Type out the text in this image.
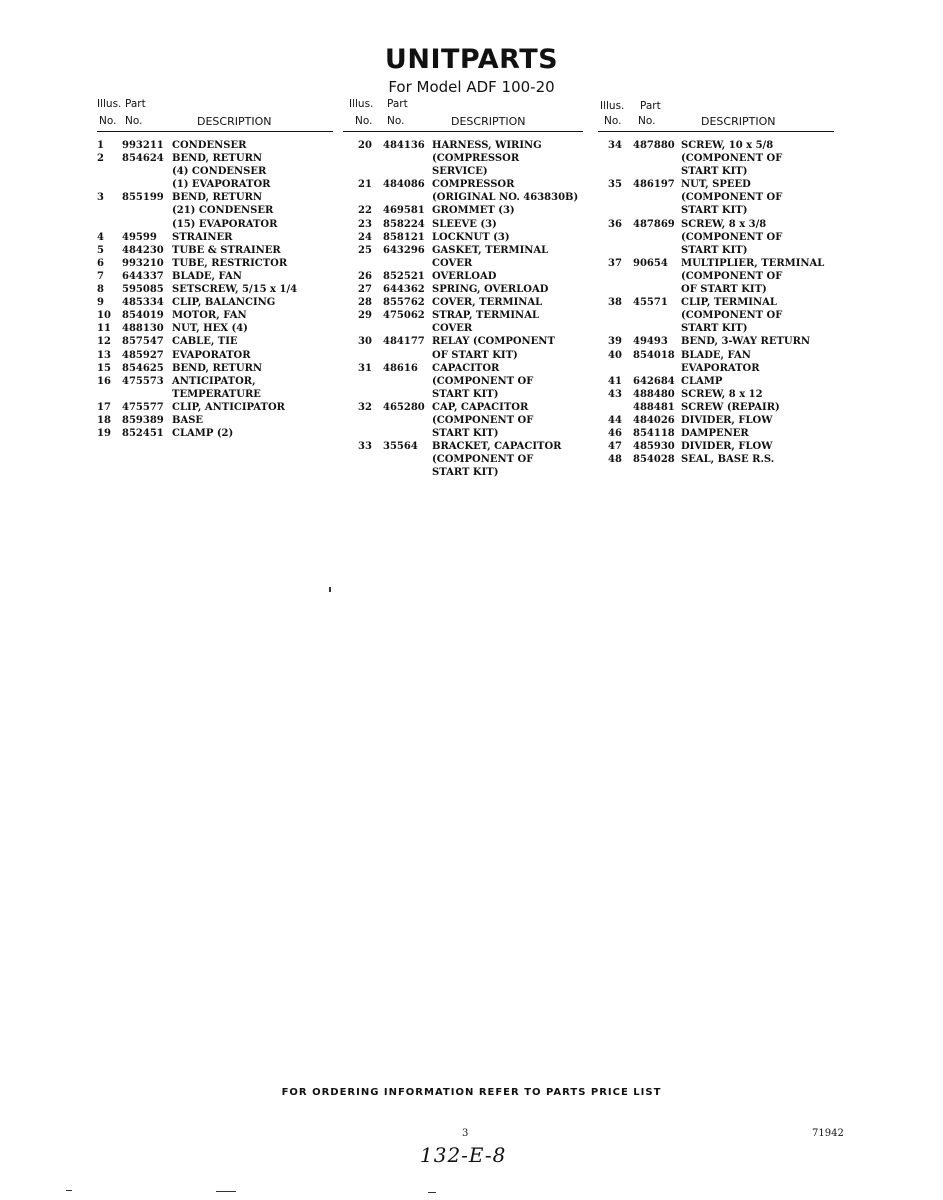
UNITPARTS
For Model ADF 100-20
Illus. Part
No. No.	DESCRIPTION
1	993211 CONDENSER
2	854624 BEND, RETURN
(4) CONDENSER
(1) EVAPORATOR
3	855199 BEND, RETURN
(21) CONDENSER
(15) EVAPORATOR
4	49599 STRAINER
5	484230 TUBE & STRAINER
6	993210 TUBE, RESTRICTOR
7	644337 BLADE, FAN
8	595085 SETSCREW, 5/15 x 1/4
9	485334 CLIP, BALANCING
10 854019 MOTOR, FAN
11 488130 NUT, HEX (4)
12 857547 CABLE, TIE
13 485927 EVAPORATOR
15 854625 BEND, RETURN
16 475573 ANTICIPATOR,
TEMPERATURE
17 475577 CLIP, ANTICIPATOR
18 859389 BASE
19 852451 CLAMP (2)
Illus. Part
No. No.	DESCRIPTION
20 484136 HARNESS, WIRING
(COMPRESSOR
SERVICE)
21 484086 COMPRESSOR
(ORIGINAL NO. 463830B)
22 469581 GROMMET (3)
23 858224 SLEEVE (3)
24 858121 LOCKNUT (3)
25 643296 GASKET, TERMINAL
COVER
26 852521 OVERLOAD
27 644362 SPRING, OVERLOAD
28 855762 COVER, TERMINAL
29 475062 STRAP, TERMINAL
COVER
30 484177 RELAY (COMPONENT
OF START KIT)
31 48616 CAPACITOR
(COMPONENT OF
START KIT)
32 465280 CAP, CAPACITOR
(COMPONENT OF
START KIT)
33 35564 BRACKET, CAPACITOR
(COMPONENT OF
START KIT)
Illus. Part
No. No.	DESCRIPTION
34 487880 SCREW, 10 x 5/8
(COMPONENT OF
START KIT)
35 486197 NUT, SPEED
(COMPONENT OF
START KIT)
36 487869 SCREW, 8 x 3/8
(COMPONENT OF
START KIT)
37 90654 MULTIPLIER, TERMINAL
(COMPONENT OF
OF START KIT)
38 45571 CLIP, TERMINAL
(COMPONENT OF
START KIT)
39 49493 BEND, 3-WAY RETURN
40 854018 BLADE, FAN
EVAPORATOR
41 642684 CLAMP
43 488480 SCREW, 8 x 12
488481 SCREW (REPAIR)
44 484026 DIVIDER, FLOW
46 854118 DAMPENER
47 485930 DIVIDER, FLOW
48 854028 SEAL, BASE R.S.
FOR ORDERING INFORMATION REFER TO PARTS PRICE LIST
3	71942
132-E-8
